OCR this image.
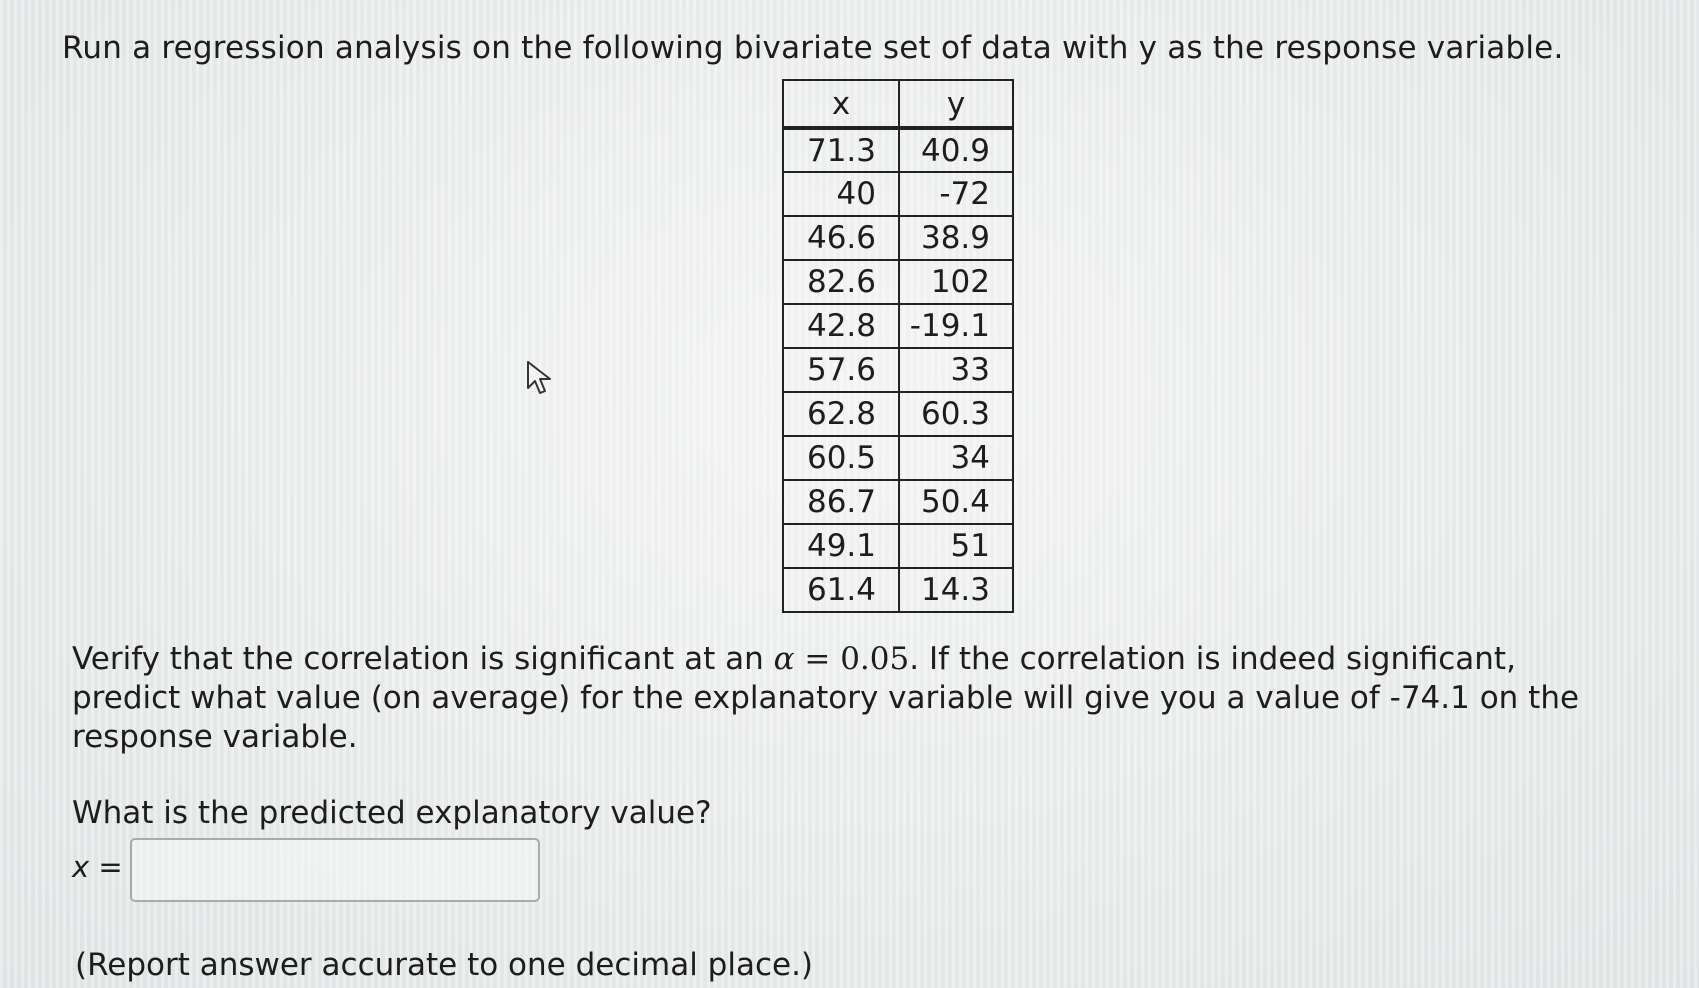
Run a regression analysis on the following bivariate set of data with y as the response variable.
x	y
71.3	40.9
40	-72
46.6	38.9
82.6	102
42.8	-19.1
57.6	33
62.8	60.3
60.5	34
86.7	50.4
49.1	51
61.4	14.3
Verify that the correlation is significant at an α = 0.05. If the correlation is indeed significant, predict what value (on average) for the explanatory variable will give you a value of -74.1 on the response variable.
What is the predicted explanatory value?
x =
(Report answer accurate to one decimal place.)
